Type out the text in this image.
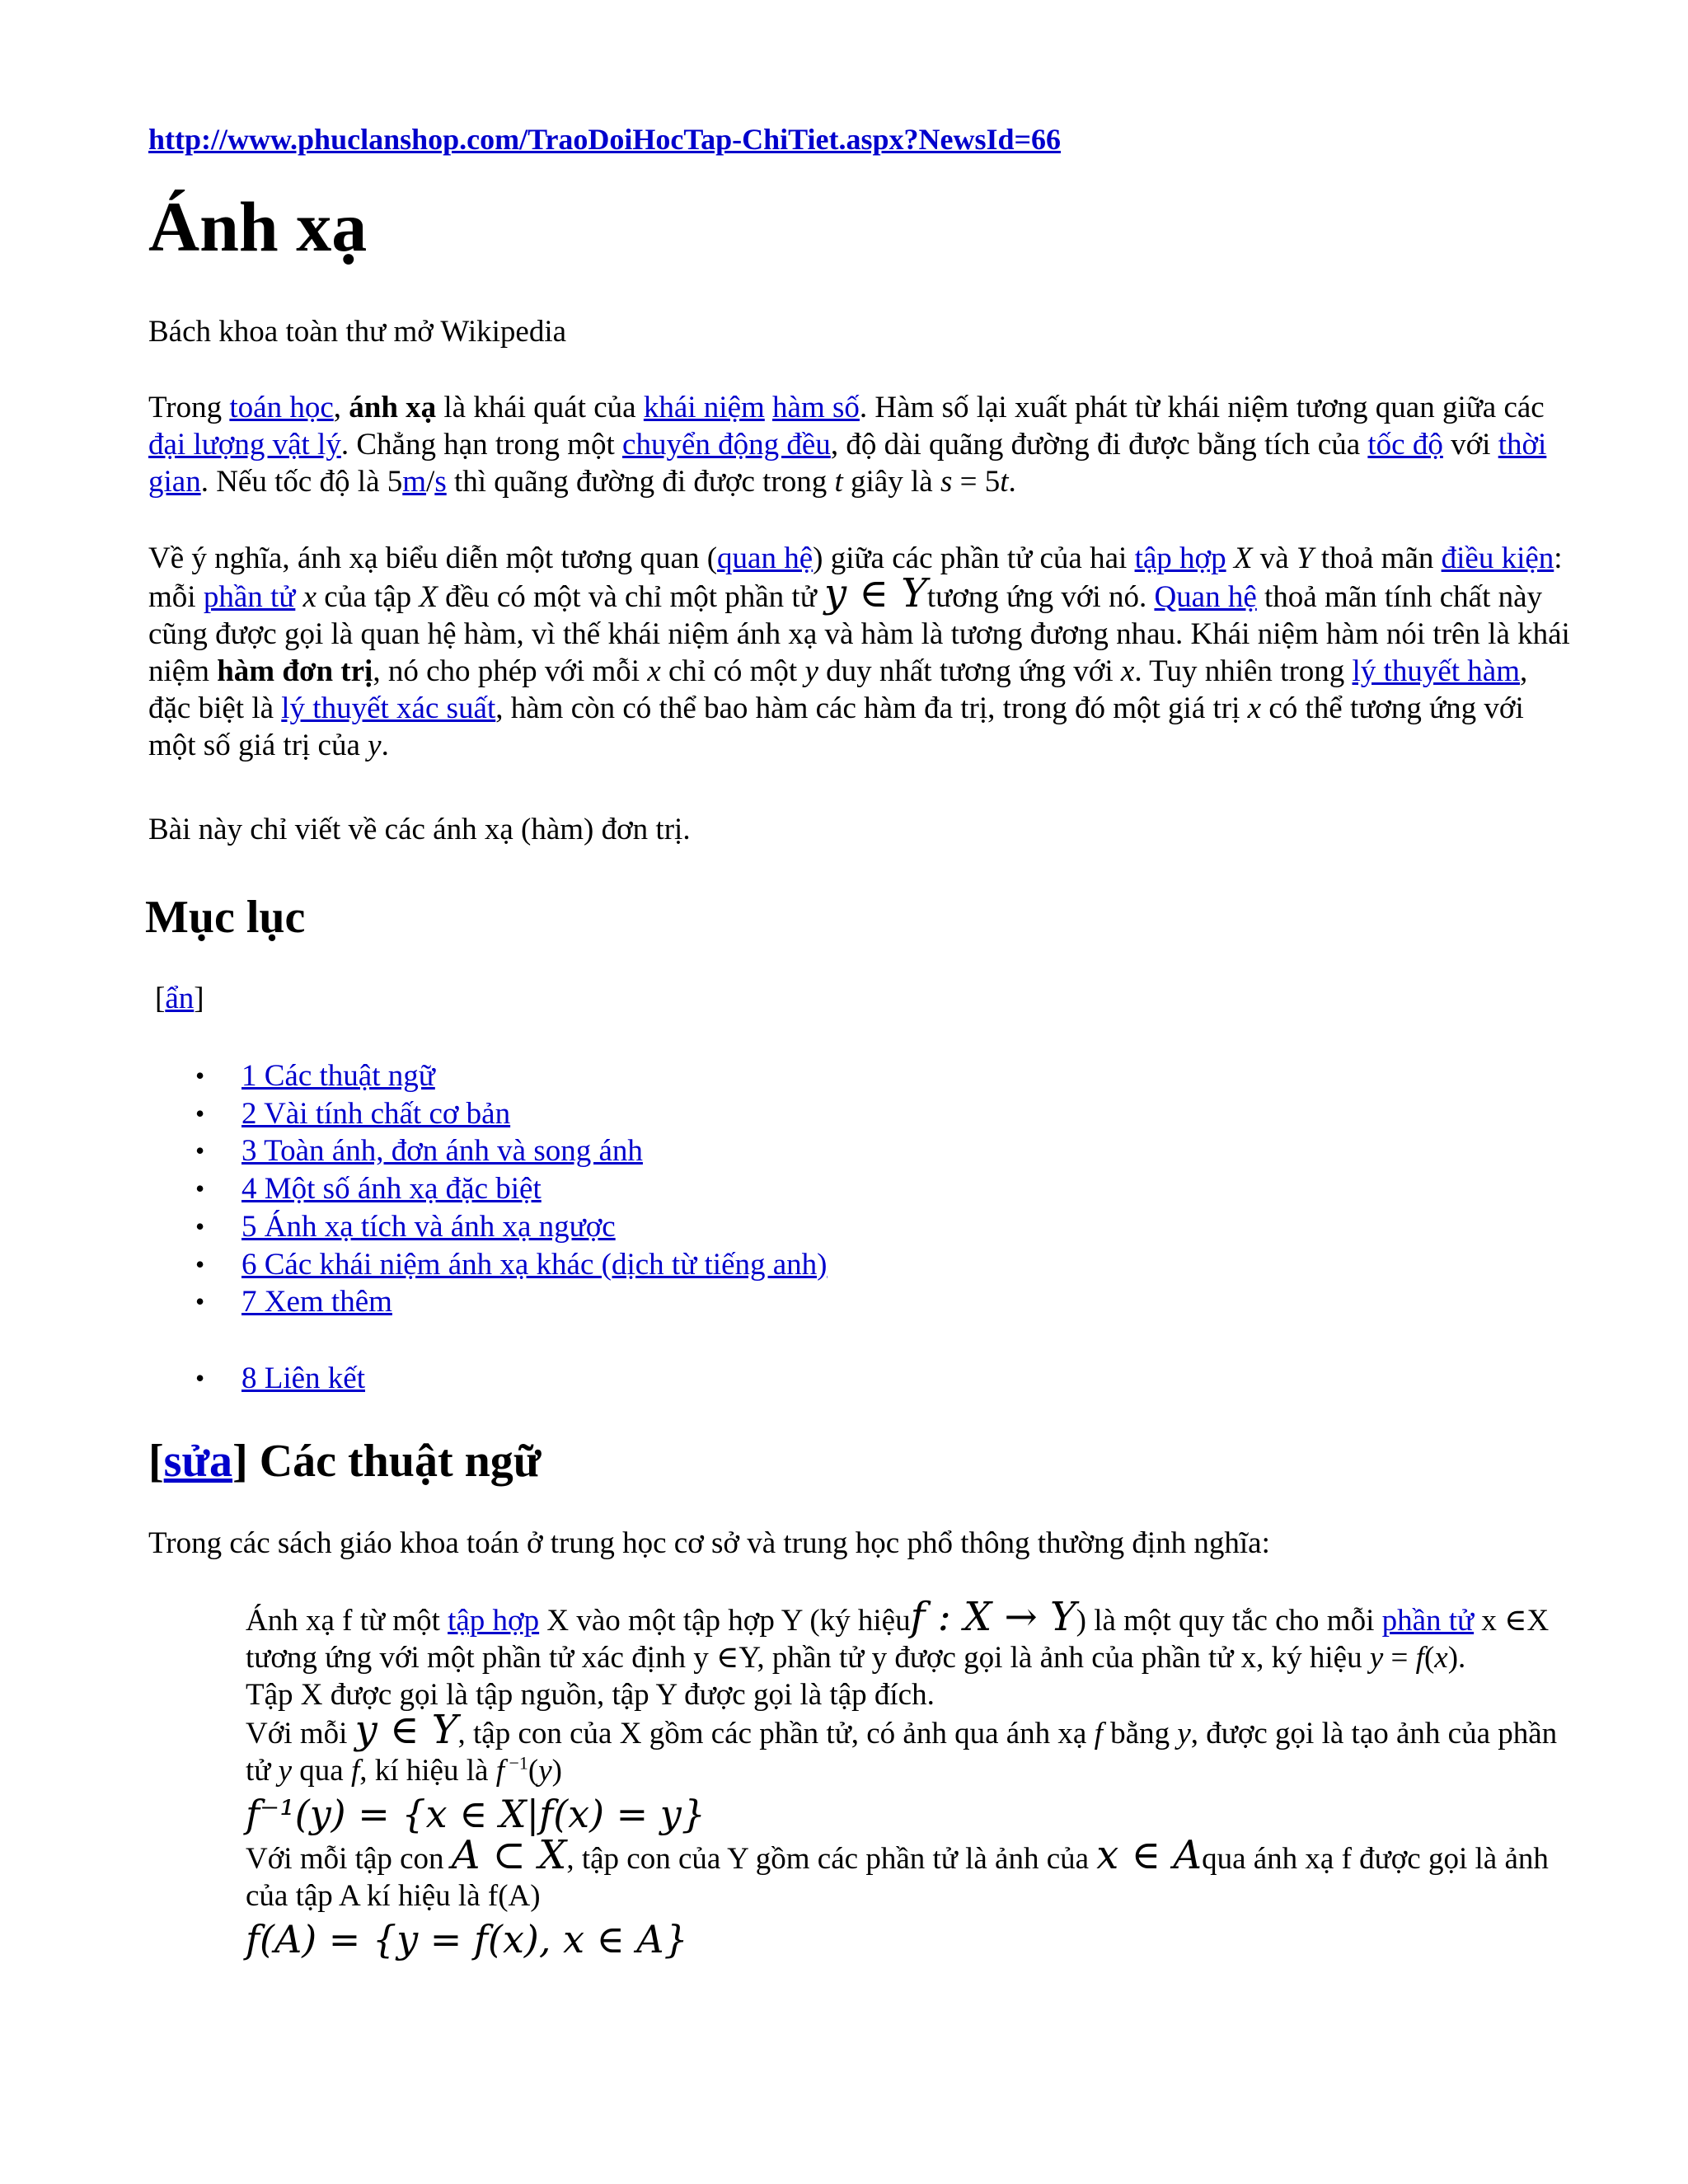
http://www.phuclanshop.com/TraoDoiHocTap-ChiTiet.aspx?NewsId=66
Ánh xạ

Bách khoa toàn thư mở Wikipedia

Trong toán học, ánh xạ là khái quát của khái niệm hàm số. Hàm số lại xuất phát từ khái niệm tương quan giữa các đại lượng vật lý. Chẳng hạn trong một chuyển động đều, độ dài quãng đường đi được bằng tích của tốc độ với thời gian. Nếu tốc độ là 5m/s thì quãng đường đi được trong t giây là s = 5t.

Về ý nghĩa, ánh xạ biểu diễn một tương quan (quan hệ) giữa các phần tử của hai tập hợp X và Y thoả mãn điều kiện: mỗi phần tử x của tập X đều có một và chỉ một phần tử y ∈ Ytương ứng với nó. Quan hệ thoả mãn tính chất này cũng được gọi là quan hệ hàm, vì thế khái niệm ánh xạ và hàm là tương đương nhau. Khái niệm hàm nói trên là khái niệm hàm đơn trị, nó cho phép với mỗi x chỉ có một y duy nhất tương ứng với x. Tuy nhiên trong lý thuyết hàm, đặc biệt là lý thuyết xác suất, hàm còn có thể bao hàm các hàm đa trị, trong đó một giá trị x có thể tương ứng với một số giá trị của y.

Bài này chỉ viết về các ánh xạ (hàm) đơn trị.

Mục lục
[ẩn]
• 1 Các thuật ngữ
• 2 Vài tính chất cơ bản
• 3 Toàn ánh, đơn ánh và song ánh
• 4 Một số ánh xạ đặc biệt
• 5 Ánh xạ tích và ánh xạ ngược
• 6 Các khái niệm ánh xạ khác (dịch từ tiếng anh)
• 7 Xem thêm
• 8 Liên kết
[sửa] Các thuật ngữ

Trong các sách giáo khoa toán ở trung học cơ sở và trung học phổ thông thường định nghĩa:

Ánh xạ f từ một tập hợp X vào một tập hợp Y (ký hiệuf : X → Y) là một quy tắc cho mỗi phần tử x ∈X tương ứng với một phần tử xác định y ∈Y, phần tử y được gọi là ảnh của phần tử x, ký hiệu y = f(x).
Tập X được gọi là tập nguồn, tập Y được gọi là tập đích.
Với mỗi y ∈ Y, tập con của X gồm các phần tử, có ảnh qua ánh xạ f bằng y, được gọi là tạo ảnh của phần tử y qua f, kí hiệu là f $^{-1}$(y)
f⁻¹(y) = {x ∈ X|f(x) = y}
Với mỗi tập con A ⊂ X, tập con của Y gồm các phần tử là ảnh của x ∈ Aqua ánh xạ f được gọi là ảnh của tập A kí hiệu là f(A)
f(A) = {y = f(x), x ∈ A}
